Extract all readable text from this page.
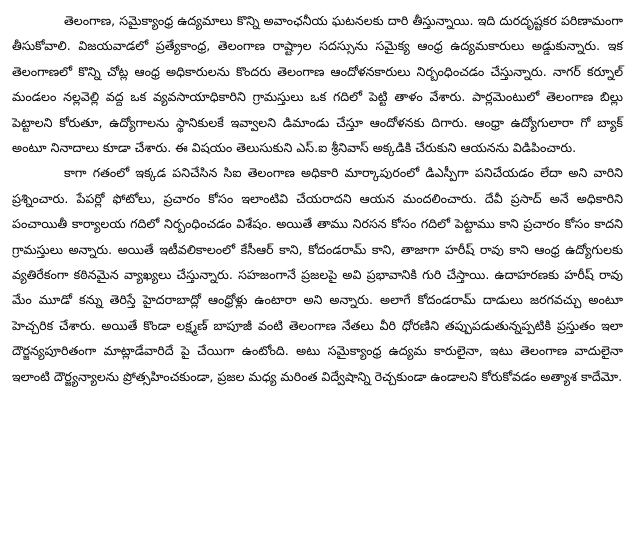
తెలంగాణ, సమైక్యాంధ్ర ఉద్యమాలు కొన్ని అవాంఛనీయ ఘటనలకు దారి తీస్తున్నాయి. ఇది దురదృష్టకర పరిణామంగా తీసుకోవాలి. విజయవాడలో ప్రత్యేకాంధ్ర, తెలంగాణ రాష్ట్రాల సదస్సును సమైక్య ఆంధ్ర ఉద్యమకారులు అడ్డుకున్నారు. ఇక తెలంగాణలో కొన్ని చోట్ల ఆంధ్ర అధికారులను కొందరు తెలంగాణ ఆందోళనకారులు నిర్బంధించడం చేస్తున్నారు. నాగర్ కర్నూల్ మండలం నల్లవెల్లి వద్ద ఒక వ్యవసాయాధికారిని గ్రామస్తులు ఒక గదిలో పెట్టి తాళం వేశారు. పార్లమెంటులో తెలంగాణ బిల్లు పెట్టాలని కోరుతూ, ఉద్యోగాలను స్థానికులకే ఇవ్వాలని డిమాండు చేస్తూ ఆందోళనకు దిగారు. ఆంధ్రా ఉద్యోగులారా గో బ్యాక్ అంటూ నినాదాలు కూడా చేశారు. ఈ విషయం తెలుసుకుని ఎస్.ఐ శ్రీనివాస్ అక్కడికి చేరుకుని ఆయనను విడిపించారు.

కాగా గతంలో ఇక్కడ పనిచేసిన సిఐ తెలంగాణ అధికారి మార్కాపురంలో డిఎస్పీగా పనిచేయడం లేదా అని వారిని ప్రశ్నించారు. పేపర్లో ఫోటోలు, ప్రచారం కోసం ఇలాంటివి చేయరాదని ఆయన మందలించారు. దేవీ ప్రసాద్ అనే అధికారిని పంచాయితీ కార్యాలయ గదిలో నిర్బంధించడం విశేషం. అయితే తాము నిరసన కోసం గదిలో పెట్టాము కాని ప్రచారం కోసం కాదని గ్రామస్తులు అన్నారు. అయితే ఇటీవలికాలంలో కేసీఆర్ కాని, కోదండరామ్ కాని, తాజాగా హరీష్ రావు కాని ఆంధ్ర ఉద్యోగులకు వ్యతిరేకంగా కఠినమైన వ్యాఖ్యలు చేస్తున్నారు. సహజంగానే ప్రజలపై అవి ప్రభావానికి గురి చేస్తాయి. ఉదాహరణకు హరీష్ రావు మేం మూడో కన్ను తెరిస్తే హైదరాబాద్లో ఆంధ్రోళ్లు ఉంటారా అని అన్నారు. అలాగే కోదండరామ్ దాడులు జరగవచ్చు అంటూ హెచ్చరిక చేశారు. అయితే కొండా లక్ష్మణ్ బాపూజీ వంటి తెలంగాణ నేతలు వీరి ధోరణిని తప్పుపడుతున్నప్పటికి ప్రస్తుతం ఇలా దౌర్జన్యపూరితంగా మాట్లాడేవారిదే పై చేయిగా ఉంటోంది. అటు సమైక్యాంధ్ర ఉద్యమ కారులైనా, ఇటు తెలంగాణ వాదులైనా ఇలాంటి దౌర్జ్యన్యాలను ప్రోత్సహించకుండా, ప్రజల మధ్య మరింత విద్వేషాన్ని రెచ్చకుండా ఉండాలని కోరుకోవడం అత్యాశ కాదేమో.
